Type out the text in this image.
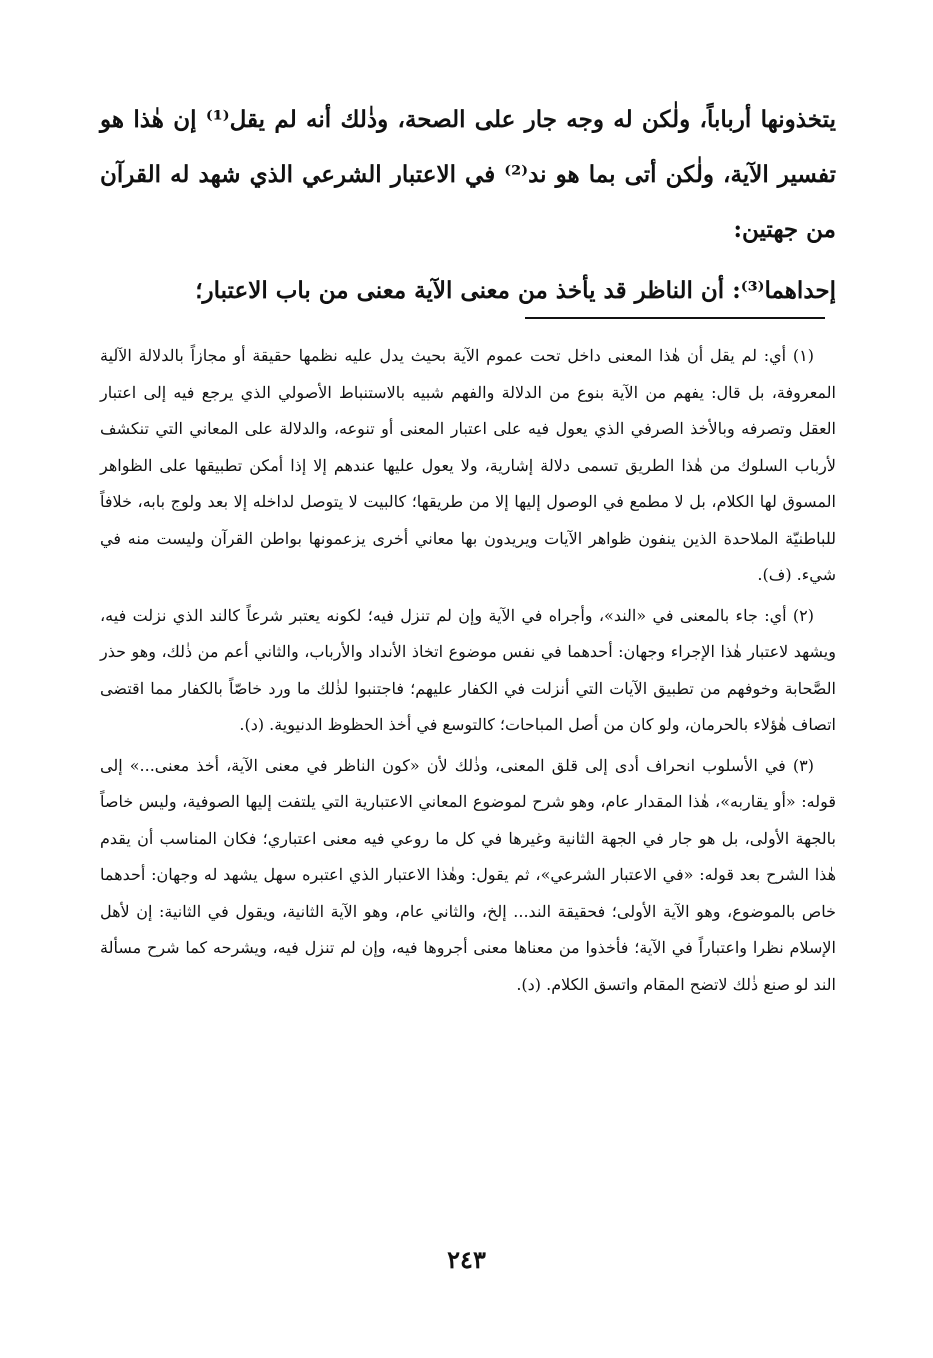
يتخذونها أرباباً، ولٰكن له وجه جار على الصحة، وذٰلك أنه لم يقل⁽¹⁾ إن هٰذا هو تفسير الآية، ولٰكن أتى بما هو ند⁽²⁾ في الاعتبار الشرعي الذي شهد له القرآن من جهتين:

إحداهما⁽³⁾: أن الناظر قد يأخذ من معنى الآية معنى من باب الاعتبار؛

(١) أي: لم يقل أن هٰذا المعنى داخل تحت عموم الآية بحيث يدل عليه نظمها حقيقة أو مجازاً بالدلالة الآلية المعروفة، بل قال: يفهم من الآية بنوع من الدلالة والفهم شبيه بالاستنباط الأصولي الذي يرجع فيه إلى اعتبار العقل وتصرفه وبالأخذ الصرفي الذي يعول فيه على اعتبار المعنى أو تنوعه، والدلالة على المعاني التي تنكشف لأرباب السلوك من هٰذا الطريق تسمى دلالة إشارية، ولا يعول عليها عندهم إلا إذا أمكن تطبيقها على الظواهر المسوق لها الكلام، بل لا مطمع في الوصول إليها إلا من طريقها؛ كالبيت لا يتوصل لداخله إلا بعد ولوج بابه، خلافاً للباطنيّة الملاحدة الذين ينفون ظواهر الآيات ويريدون بها معاني أخرى يزعمونها بواطن القرآن وليست منه في شيء. (ف).

(٢) أي: جاء بالمعنى في «الند»، وأجراه في الآية وإن لم تنزل فيه؛ لكونه يعتبر شرعاً كالند الذي نزلت فيه، ويشهد لاعتبار هٰذا الإجراء وجهان: أحدهما في نفس موضوع اتخاذ الأنداد والأرباب، والثاني أعم من ذٰلك، وهو حذر الصَّحابة وخوفهم من تطبيق الآيات التي أنزلت في الكفار عليهم؛ فاجتنبوا لذٰلك ما ورد خاصّاً بالكفار مما اقتضى اتصاف هٰؤلاء بالحرمان، ولو كان من أصل المباحات؛ كالتوسع في أخذ الحظوظ الدنيوية. (د).

(٣) في الأسلوب انحراف أدى إلى قلق المعنى، وذٰلك لأن «كون الناظر في معنى الآية، أخذ معنى...» إلى قوله: «أو يقاربه»، هٰذا المقدار عام، وهو شرح لموضوع المعاني الاعتبارية التي يلتفت إليها الصوفية، وليس خاصاً بالجهة الأولى، بل هو جار في الجهة الثانية وغيرها في كل ما روعي فيه معنى اعتباري؛ فكان المناسب أن يقدم هٰذا الشرح بعد قوله: «في الاعتبار الشرعي»، ثم يقول: وهٰذا الاعتبار الذي اعتبره سهل يشهد له وجهان: أحدهما خاص بالموضوع، وهو الآية الأولى؛ فحقيقة الند... إلخ، والثاني عام، وهو الآية الثانية، ويقول في الثانية: إن لأهل الإسلام نظرا واعتباراً في الآية؛ فأخذوا من معناها معنى أجروها فيه، وإن لم تنزل فيه، ويشرحه كما شرح مسألة الند لو صنع ذٰلك لاتضح المقام واتسق الكلام. (د).

٢٤٣
